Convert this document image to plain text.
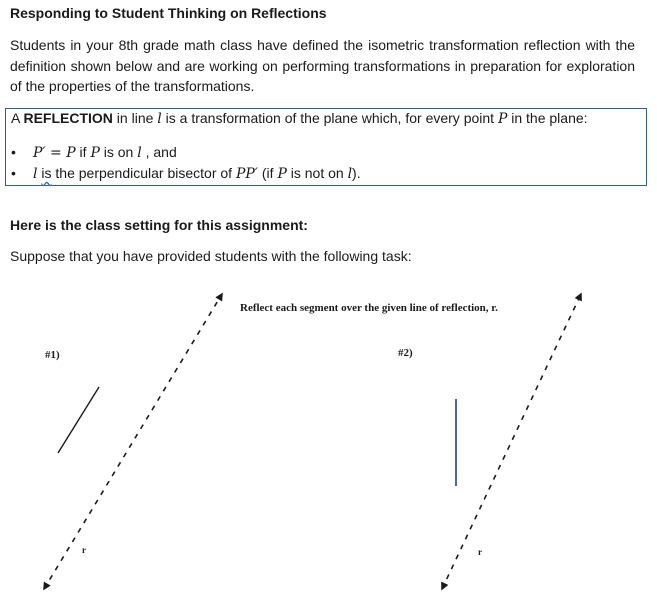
Responding to Student Thinking on Reflections
Students in your 8th grade math class have defined the isometric transformation reflection with the definition shown below and are working on performing transformations in preparation for exploration of the properties of the transformations.
A REFLECTION in line l is a transformation of the plane which, for every point P in the plane:
• P′ = P if P is on l , and
• l is the perpendicular bisector of PP′ (if P is not on l).
Here is the class setting for this assignment:
Suppose that you have provided students with the following task:
Reflect each segment over the given line of reflection, r.
#1)	#2)
r	r
